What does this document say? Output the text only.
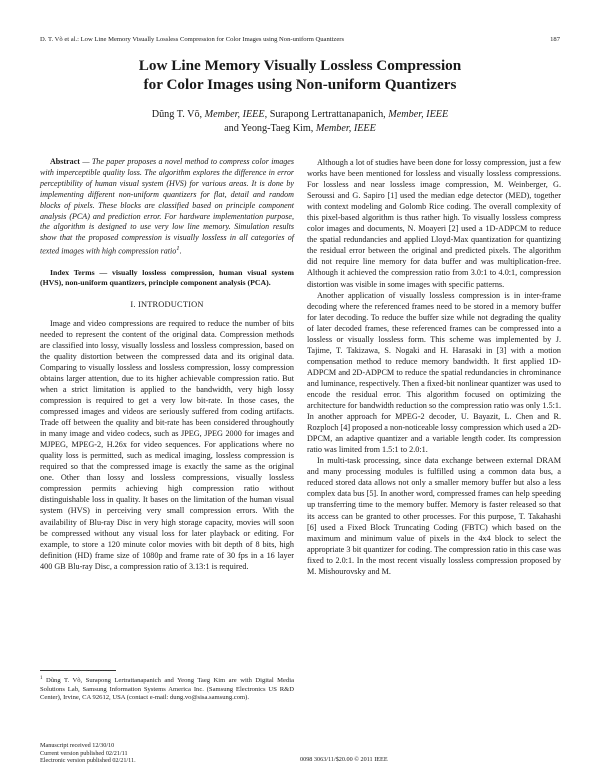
D. T. Võ et al.: Low Line Memory Visually Lossless Compression for Color Images using Non-uniform Quantizers	187
Low Line Memory Visually Lossless Compression
for Color Images using Non-uniform Quantizers
Dũng T. Võ, Member, IEEE, Surapong Lertrattanapanich, Member, IEEE
and Yeong-Taeg Kim, Member, IEEE

Abstract — The paper proposes a novel method to compress color images with imperceptible quality loss. The algorithm explores the difference in error perceptibility of human visual system (HVS) for various areas. It is done by implementing different non-uniform quantizers for flat, detail and random blocks of pixels. These blocks are classified based on principle component analysis (PCA) and prediction error. For hardware implementation purpose, the algorithm is designed to use very low line memory. Simulation results show that the proposed compression is visually lossless in all categories of texted images with high compression ratio$^1$.

Index Terms — visually lossless compression, human visual system (HVS), non-uniform quantizers, principle component analysis (PCA).

I. INTRODUCTION

Image and video compressions are required to reduce the number of bits needed to represent the content of the original data. Compression methods are classified into lossy, visually lossless and lossless compression, based on the quality distortion between the compressed data and its original data. Comparing to visually lossless and lossless compression, lossy compression obtains larger attention, due to its higher achievable compression ratio. But when a strict limitation is applied to the bandwidth, very high lossy compression is required to get a very low bit-rate. In those cases, the compressed images and videos are seriously suffered from coding artifacts. Trade off between the quality and bit-rate has been considered throughoutly in many image and video codecs, such as JPEG, JPEG 2000 for images and MJPEG, MPEG-2, H.26x for video sequences. For applications where no quality loss is permitted, such as medical imaging, lossless compression is required so that the compressed image is exactly the same as the original one. Other than lossy and lossless compressions, visually lossless compression permits achieving high compression ratio without distinguishable loss in quality. It bases on the limitation of the human visual system (HVS) in perceiving very small compression errors. With the availability of Blu-ray Disc in very high storage capacity, movies will soon be compressed without any visual loss for later playback or editing. For example, to store a 120 minute color movies with bit depth of 8 bits, high definition (HD) frame size of 1080p and frame rate of 30 fps in a 16 layer 400 GB Blu-ray Disc, a compression ratio of 3.13:1 is required.

$^1$ Dũng T. Võ, Surapong Lertrattanapanich and Yeong Taeg Kim are with Digital Media Solutions Lab, Samsung Information Systems America Inc. (Samsung Electronics US R&D Center), Irvine, CA 92612, USA (contact e-mail: dung.vo@sisa.samsung.com).
Manuscript received 12/30/10
Current version published 02/21/11
Electronic version published 02/21/11.	0098 3063/11/$20.00 © 2011 IEEE

Although a lot of studies have been done for lossy compression, just a few works have been mentioned for lossless and visually lossless compressions. For lossless and near lossless image compression, M. Weinberger, G. Seroussi and G. Sapiro [1] used the median edge detector (MED), together with context modeling and Golomb Rice coding. The overall complexity of this pixel-based algorithm is thus rather high. To visually lossless compress color images and documents, N. Moayeri [2] used a 1D-ADPCM to reduce the spatial redundancies and applied Lloyd-Max quantization for quantizing the residual error between the original and predicted pixels. The algorithm did not require line memory for data buffer and was multiplication-free. Although it achieved the compression ratio from 3.0:1 to 4.0:1, compression distortion was visible in some images with specific patterns.

Another application of visually lossless compression is in inter-frame decoding where the referenced frames need to be stored in a memory buffer for later decoding. To reduce the buffer size while not degrading the quality of later decoded frames, these referenced frames can be compressed into a lossless or visually lossless form. This scheme was implemented by J. Tajime, T. Takizawa, S. Nogaki and H. Harasaki in [3] with a motion compensation method to reduce memory bandwidth. It first applied 1D-ADPCM and 2D-ADPCM to reduce the spatial redundancies in chrominance and luminance, respectively. Then a fixed-bit nonlinear quantizer was used to encode the residual error. This algorithm focused on optimizing the architecture for bandwidth reduction so the compression ratio was only 1.5:1. In another approach for MPEG-2 decoder, U. Bayazit, L. Chen and R. Rozploch [4] proposed a non-noticeable lossy compression which used a 2D-DPCM, an adaptive quantizer and a variable length coder. Its compression ratio was limited from 1.5:1 to 2.0:1.

In multi-task processing, since data exchange between external DRAM and many processing modules is fulfilled using a common data bus, a reduced stored data allows not only a smaller memory buffer but also a less complex data bus [5]. In another word, compressed frames can help speeding up transferring time to the memory buffer. Memory is faster released so that its access can be granted to other processes. For this purpose, T. Takahashi [6] used a Fixed Block Truncating Coding (FBTC) which based on the maximum and minimum value of pixels in the 4x4 block to select the appropriate 3 bit quantizer for coding. The compression ratio in this case was fixed to 2.0:1. In the most recent visually lossless compression proposed by M. Mishourovsky and M.
